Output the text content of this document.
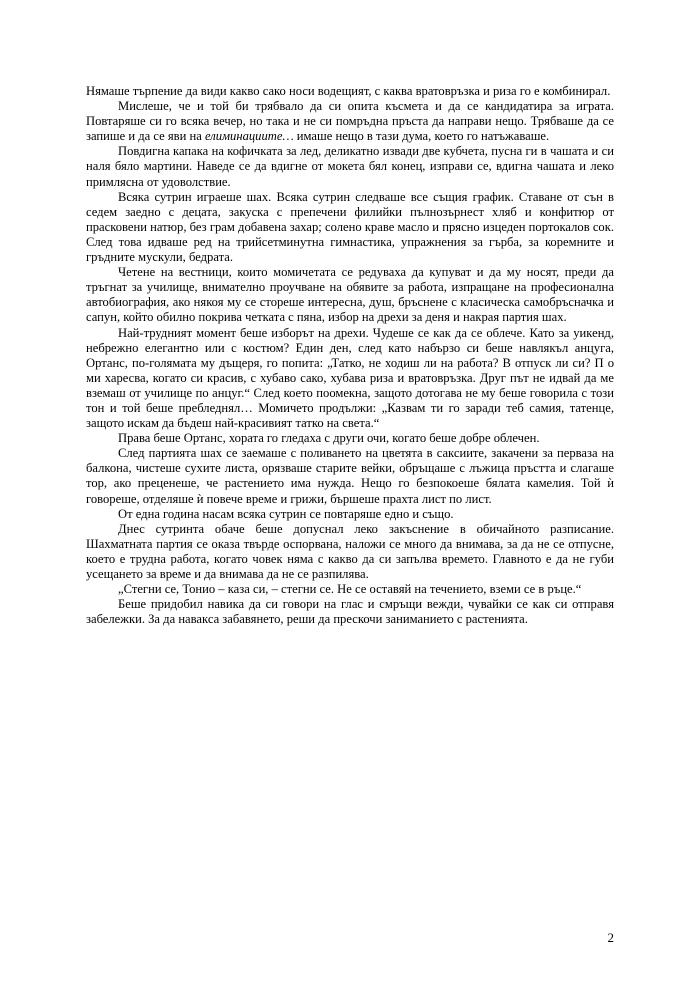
Нямаше търпение да види какво сако носи водещият, с каква вратовръзка и риза го е комбинирал.

Мислеше, че и той би трябвало да си опита късмета и да се кандидатира за играта. Повтаряше си го всяка вечер, но така и не си помръдна пръста да направи нещо. Трябваше да се запише и да се яви на елиминациите… имаше нещо в тази дума, което го натъжаваше.

Повдигна капака на кофичката за лед, деликатно извади две кубчета, пусна ги в чашата и си наля бяло мартини. Наведе се да вдигне от мокета бял конец, изправи се, вдигна чашата и леко примлясна от удоволствие.

Всяка сутрин играеше шах. Всяка сутрин следваше все същия график. Ставане от сън в седем заедно с децата, закуска с препечени филийки пълнозърнест хляб и конфитюр от прасковени натюр, без грам добавена захар; солено краве масло и прясно изцеден портокалов сок. След това идваше ред на трийсетминутна гимнастика, упражнения за гърба, за коремните и гръдните мускули, бедрата.

Четене на вестници, които момичетата се редуваха да купуват и да му носят, преди да тръгнат за училище, внимателно проучване на обявите за работа, изпращане на професионална автобиография, ако някоя му се стореше интересна, душ, бръснене с класическа самобръсначка и сапун, който обилно покрива четката с пяна, избор на дрехи за деня и накрая партия шах.

Най-трудният момент беше изборът на дрехи. Чудеше се как да се облече. Като за уикенд, небрежно елегантно или с костюм? Един ден, след като набързо си беше навлякъл анцуга, Ортанс, по-голямата му дъщеря, го попита: „Татко, не ходиш ли на работа? В отпуск ли си? П о ми харесва, когато си красив, с хубаво сако, хубава риза и вратовръзка. Друг път не идвай да ме вземаш от училище по анцуг.“ След което поомекна, защото дотогава не му беше говорила с този тон и той беше пребледнял… Момичето продължи: „Казвам ти го заради теб самия, татенце, защото искам да бъдеш най-красивият татко на света.“

Права беше Ортанс, хората го гледаха с други очи, когато беше добре облечен.

След партията шах се заемаше с поливането на цветята в саксиите, закачени за перваза на балкона, чистеше сухите листа, орязваше старите вейки, обръщаше с лъжица пръстта и слагаше тор, ако преценеше, че растението има нужда. Нещо го безпокоеше бялата камелия. Той ѝ говореше, отделяше ѝ повече време и грижи, бършеше прахта лист по лист.

От една година насам всяка сутрин се повтаряше едно и също.

Днес сутринта обаче беше допуснал леко закъснение в обичайното разписание. Шахматната партия се оказа твърде оспорвана, наложи се много да внимава, за да не се отпусне, което е трудна работа, когато човек няма с какво да си запълва времето. Главното е да не губи усещането за време и да внимава да не се разпилява.

„Стегни се, Тонио – каза си, – стегни се. Не се оставяй на течението, вземи се в ръце.“

Беше придобил навика да си говори на глас и смръщи вежди, чувайки се как си отправя забележки. За да навакса забавянето, реши да прескочи заниманието с растенията.

2
